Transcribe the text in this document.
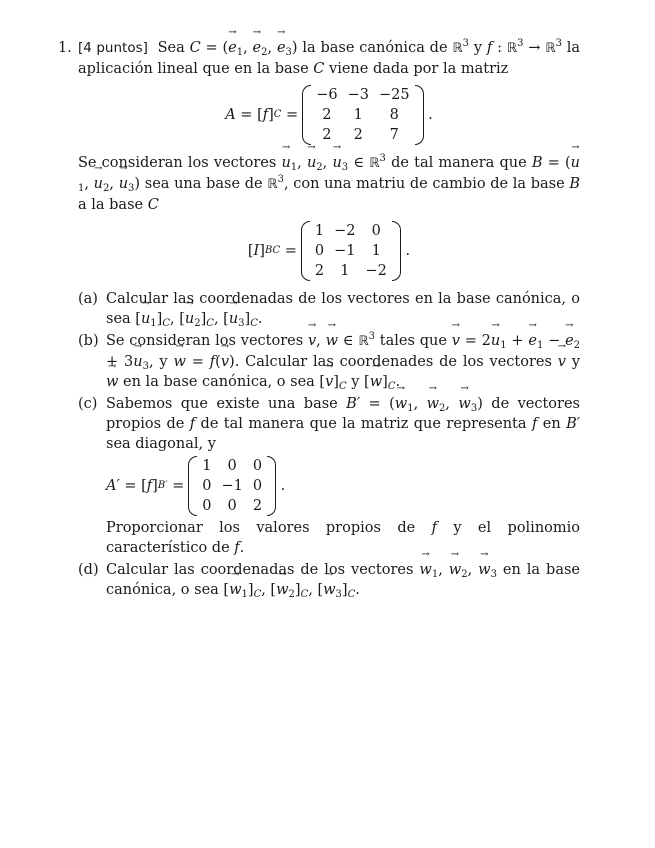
1. [4 puntos] Sea C = (→ $e_1$, → $e_2$, → $e_3$) la base canónica de ℝ$^3$ y f : ℝ$^3$ → ℝ$^3$ la aplicación lineal que en la base C viene dada por la matriz

A = [ f ] C =
−6	−3	−25
2	1	8
2	2	7
.

Se consideran los vectores → $u_1$, → $u_2$, → $u_3$ ∈ ℝ$^3$ de tal manera que B = (→ $u_1$, → $u_2$, → $u_3$) sea una base de ℝ$^3$, con una matriu de cambio de la base B a la base C

[ I ] BC =
1	−2	0
0	−1	1
2	1	−2
.
(a) Calcular las coordenadas de los vectores en la base canónica, o sea [→ $u_1]_C$, [→ $u_2]_C$, [→ $u_3]_C$.
(b) Se consideran los vectores → v, → w ∈ ℝ$^3$ tales que → $v = 2\to u_1$ + → $e_1$ − → $e_2 + 3\to u_3$, y → w = f(→ v). Calcular las coordenades de los vectores → v y → w en la base canónica, o sea [→ $v]_C$ y [→ $w]_C$.
(c) Sabemos que existe una base B′ = (→ $w_1$, → $w_2$, → $w_3$) de vectores propios de f de tal manera que la matriz que representa f en B′ sea diagonal, y
A′ = [ f ] B′ =
1	0	0
0	−1	0
0	0	2
.
Proporcionar los valores propios de f y el polinomio característico de f.
(d) Calcular las coordenadas de los vectores → $w_1$, → $w_2$, → $w_3$ en la base canónica, o sea [→ $w_1]_C$, [→ $w_2]_C$, [→ $w_3]_C$.
